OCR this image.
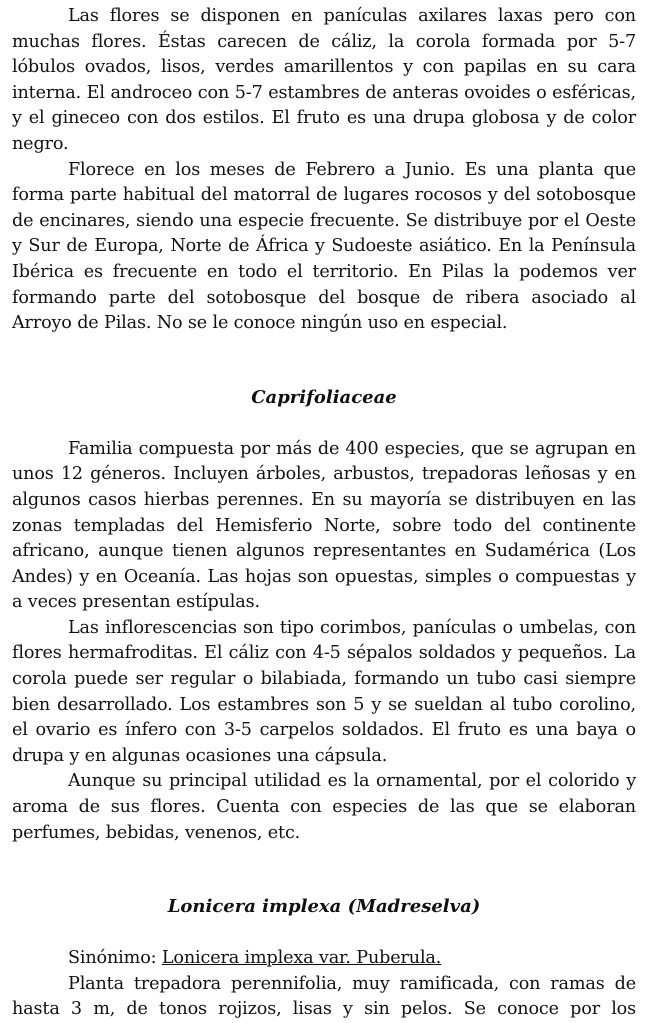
Las flores se disponen en panículas axilares laxas pero con muchas flores. Éstas carecen de cáliz, la corola formada por 5-7 lóbulos ovados, lisos, verdes amarillentos y con papilas en su cara interna. El androceo con 5-7 estambres de anteras ovoides o esféricas, y el gineceo con dos estilos. El fruto es una drupa globosa y de color negro.

Florece en los meses de Febrero a Junio. Es una planta que forma parte habitual del matorral de lugares rocosos y del sotobosque de encinares, siendo una especie frecuente. Se distribuye por el Oeste y Sur de Europa, Norte de África y Sudoeste asiático. En la Península Ibérica es frecuente en todo el territorio. En Pilas la podemos ver formando parte del sotobosque del bosque de ribera asociado al Arroyo de Pilas. No se le conoce ningún uso en especial.

Caprifoliaceae

Familia compuesta por más de 400 especies, que se agrupan en unos 12 géneros. Incluyen árboles, arbustos, trepadoras leñosas y en algunos casos hierbas perennes. En su mayoría se distribuyen en las zonas templadas del Hemisferio Norte, sobre todo del continente africano, aunque tienen algunos representantes en Sudamérica (Los Andes) y en Oceanía. Las hojas son opuestas, simples o compuestas y a veces presentan estípulas.

Las inflorescencias son tipo corimbos, panículas o umbelas, con flores hermafroditas. El cáliz con 4-5 sépalos soldados y pequeños. La corola puede ser regular o bilabiada, formando un tubo casi siempre bien desarrollado. Los estambres son 5 y se sueldan al tubo corolino, el ovario es ínfero con 3-5 carpelos soldados. El fruto es una baya o drupa y en algunas ocasiones una cápsula.

Aunque su principal utilidad es la ornamental, por el colorido y aroma de sus flores. Cuenta con especies de las que se elaboran perfumes, bebidas, venenos, etc.

Lonicera implexa (Madreselva)

Sinónimo: Lonicera implexa var. Puberula.

Planta trepadora perennifolia, muy ramificada, con ramas de hasta 3 m, de tonos rojizos, lisas y sin pelos. Se conoce por los
